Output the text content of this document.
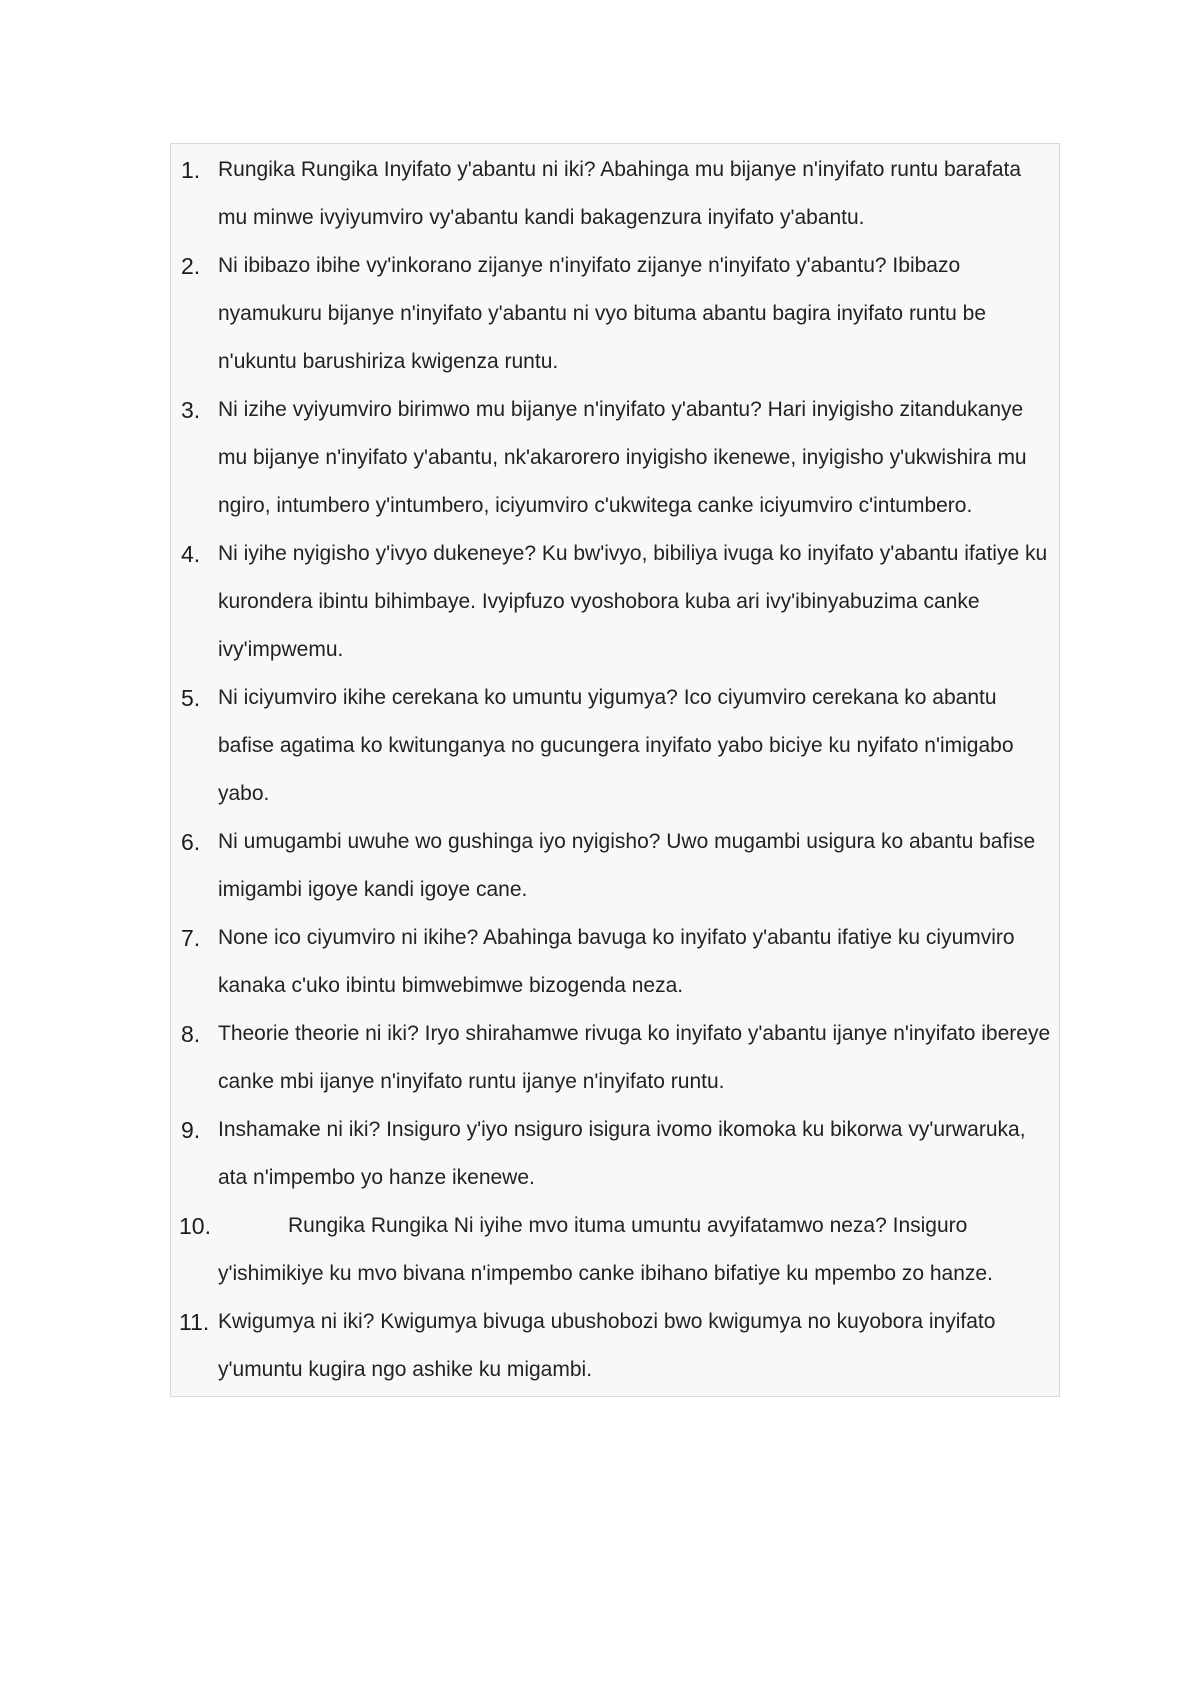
1. Rungika Rungika Inyifato y'abantu ni iki? Abahinga mu bijanye n'inyifato runtu barafata mu minwe ivyiyumviro vy'abantu kandi bakagenzura inyifato y'abantu.
2. Ni ibibazo ibihe vy'inkorano zijanye n'inyifato zijanye n'inyifato y'abantu? Ibibazo nyamukuru bijanye n'inyifato y'abantu ni vyo bituma abantu bagira inyifato runtu be n'ukuntu barushiriza kwigenza runtu.
3. Ni izihe vyiyumviro birimwo mu bijanye n'inyifato y'abantu? Hari inyigisho zitandukanye mu bijanye n'inyifato y'abantu, nk'akarorero inyigisho ikenewe, inyigisho y'ukwishira mu ngiro, intumbero y'intumbero, iciyumviro c'ukwitega canke iciyumviro c'intumbero.
4. Ni iyihe nyigisho y'ivyo dukeneye? Ku bw'ivyo, bibiliya ivuga ko inyifato y'abantu ifatiye ku kurondera ibintu bihimbaye. Ivyipfuzo vyoshobora kuba ari ivy'ibinyabuzima canke ivy'impwemu.
5. Ni iciyumviro ikihe cerekana ko umuntu yigumya? Ico ciyumviro cerekana ko abantu bafise agatima ko kwitunganya no gucungera inyifato yabo biciye ku nyifato n'imigabo yabo.
6. Ni umugambi uwuhe wo gushinga iyo nyigisho? Uwo mugambi usigura ko abantu bafise imigambi igoye kandi igoye cane.
7. None ico ciyumviro ni ikihe? Abahinga bavuga ko inyifato y'abantu ifatiye ku ciyumviro kanaka c'uko ibintu bimwebimwe bizogenda neza.
8. Theorie theorie ni iki? Iryo shirahamwe rivuga ko inyifato y'abantu ijanye n'inyifato ibereye canke mbi ijanye n'inyifato runtu ijanye n'inyifato runtu.
9. Inshamake ni iki? Insiguro y'iyo nsiguro isigura ivomo ikomoka ku bikorwa vy'urwaruka, ata n'impembo yo hanze ikenewe.
10.	Rungika Rungika Ni iyihe mvo ituma umuntu avyifatamwo neza? Insiguro y'ishimikiye ku mvo bivana n'impembo canke ibihano bifatiye ku mpembo zo hanze.
11. Kwigumya ni iki? Kwigumya bivuga ubushobozi bwo kwigumya no kuyobora inyifato y'umuntu kugira ngo ashike ku migambi.
